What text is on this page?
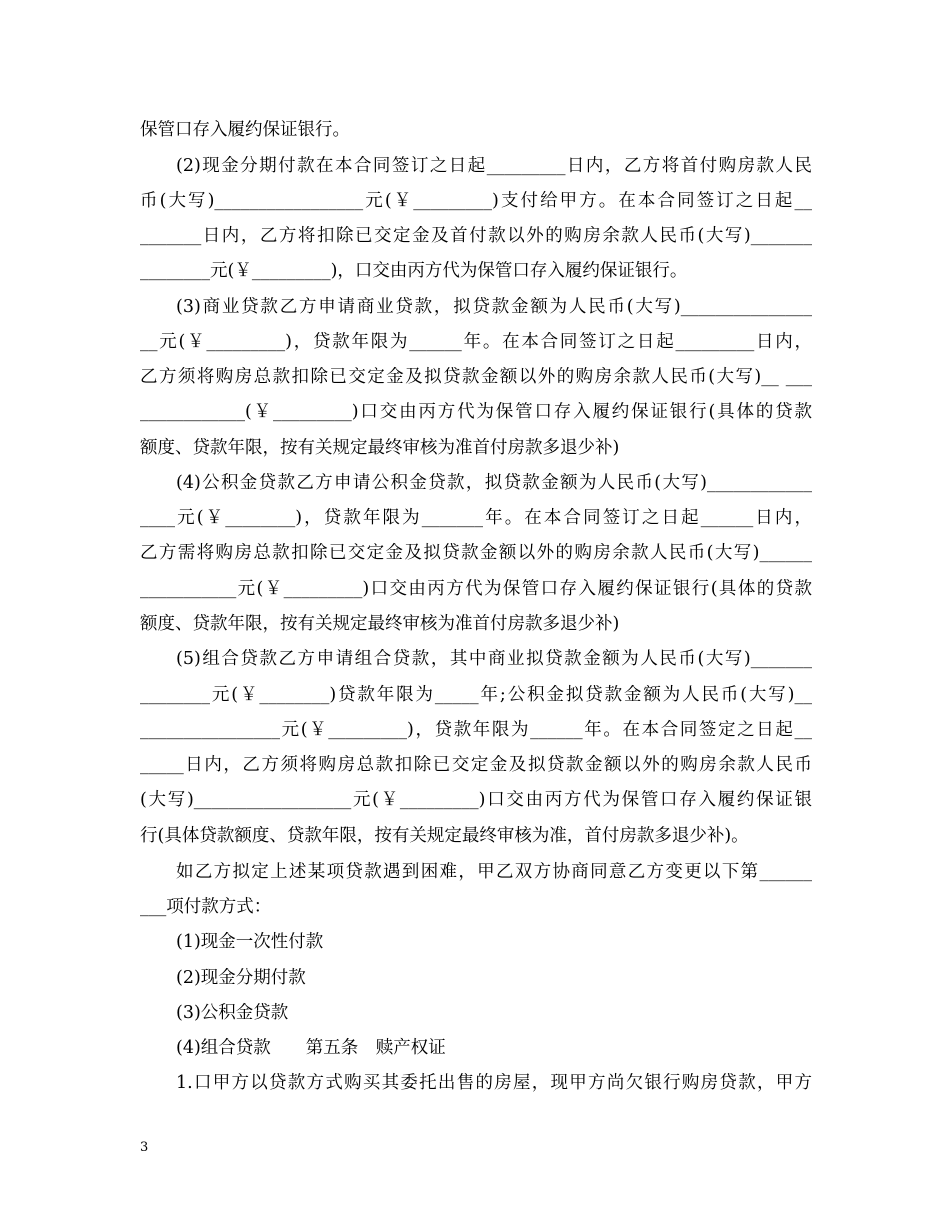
保管口存入履约保证银行。
(2)现金分期付款在本合同签订之日起_________日内，乙方将首付购房款人民
币(大写)_________________元(￥_________)支付给甲方。在本合同签订之日起__
_______日内，乙方将扣除已交定金及首付款以外的购房余款人民币(大写)_______
________元(￥_________)，口交由丙方代为保管口存入履约保证银行。
(3)商业贷款乙方申请商业贷款，拟贷款金额为人民币(大写)_______________
__元(￥_________)，贷款年限为______年。在本合同签订之日起_________日内，
乙方须将购房总款扣除已交定金及拟贷款金额以外的购房余款人民币(大写)__ ___
____________(￥_________)口交由丙方代为保管口存入履约保证银行(具体的贷款
额度、贷款年限，按有关规定最终审核为准首付房款多退少补)
(4)公积金贷款乙方申请公积金贷款，拟贷款金额为人民币(大写)____________
____元(￥________)，贷款年限为_______年。在本合同签订之日起______日内，
乙方需将购房总款扣除已交定金及拟贷款金额以外的购房余款人民币(大写)______
___________元(￥_________)口交由丙方代为保管口存入履约保证银行(具体的贷款
额度、贷款年限，按有关规定最终审核为准首付房款多退少补)
(5)组合贷款乙方申请组合贷款，其中商业拟贷款金额为人民币(大写)_______
________元(￥________)贷款年限为_____年;公积金拟贷款金额为人民币(大写)__
________________元(￥_________)，贷款年限为______年。在本合同签定之日起__
_____日内，乙方须将购房总款扣除已交定金及拟贷款金额以外的购房余款人民币
(大写)__________________元(￥_________)口交由丙方代为保管口存入履约保证银
行(具体贷款额度、贷款年限，按有关规定最终审核为准，首付房款多退少补)。
如乙方拟定上述某项贷款遇到困难，甲乙双方协商同意乙方变更以下第______
___项付款方式：
(1)现金一次性付款
(2)现金分期付款
(3)公积金贷款
(4)组合贷款　　第五条　赎产权证
1.口甲方以贷款方式购买其委托出售的房屋，现甲方尚欠银行购房贷款，甲方
3
